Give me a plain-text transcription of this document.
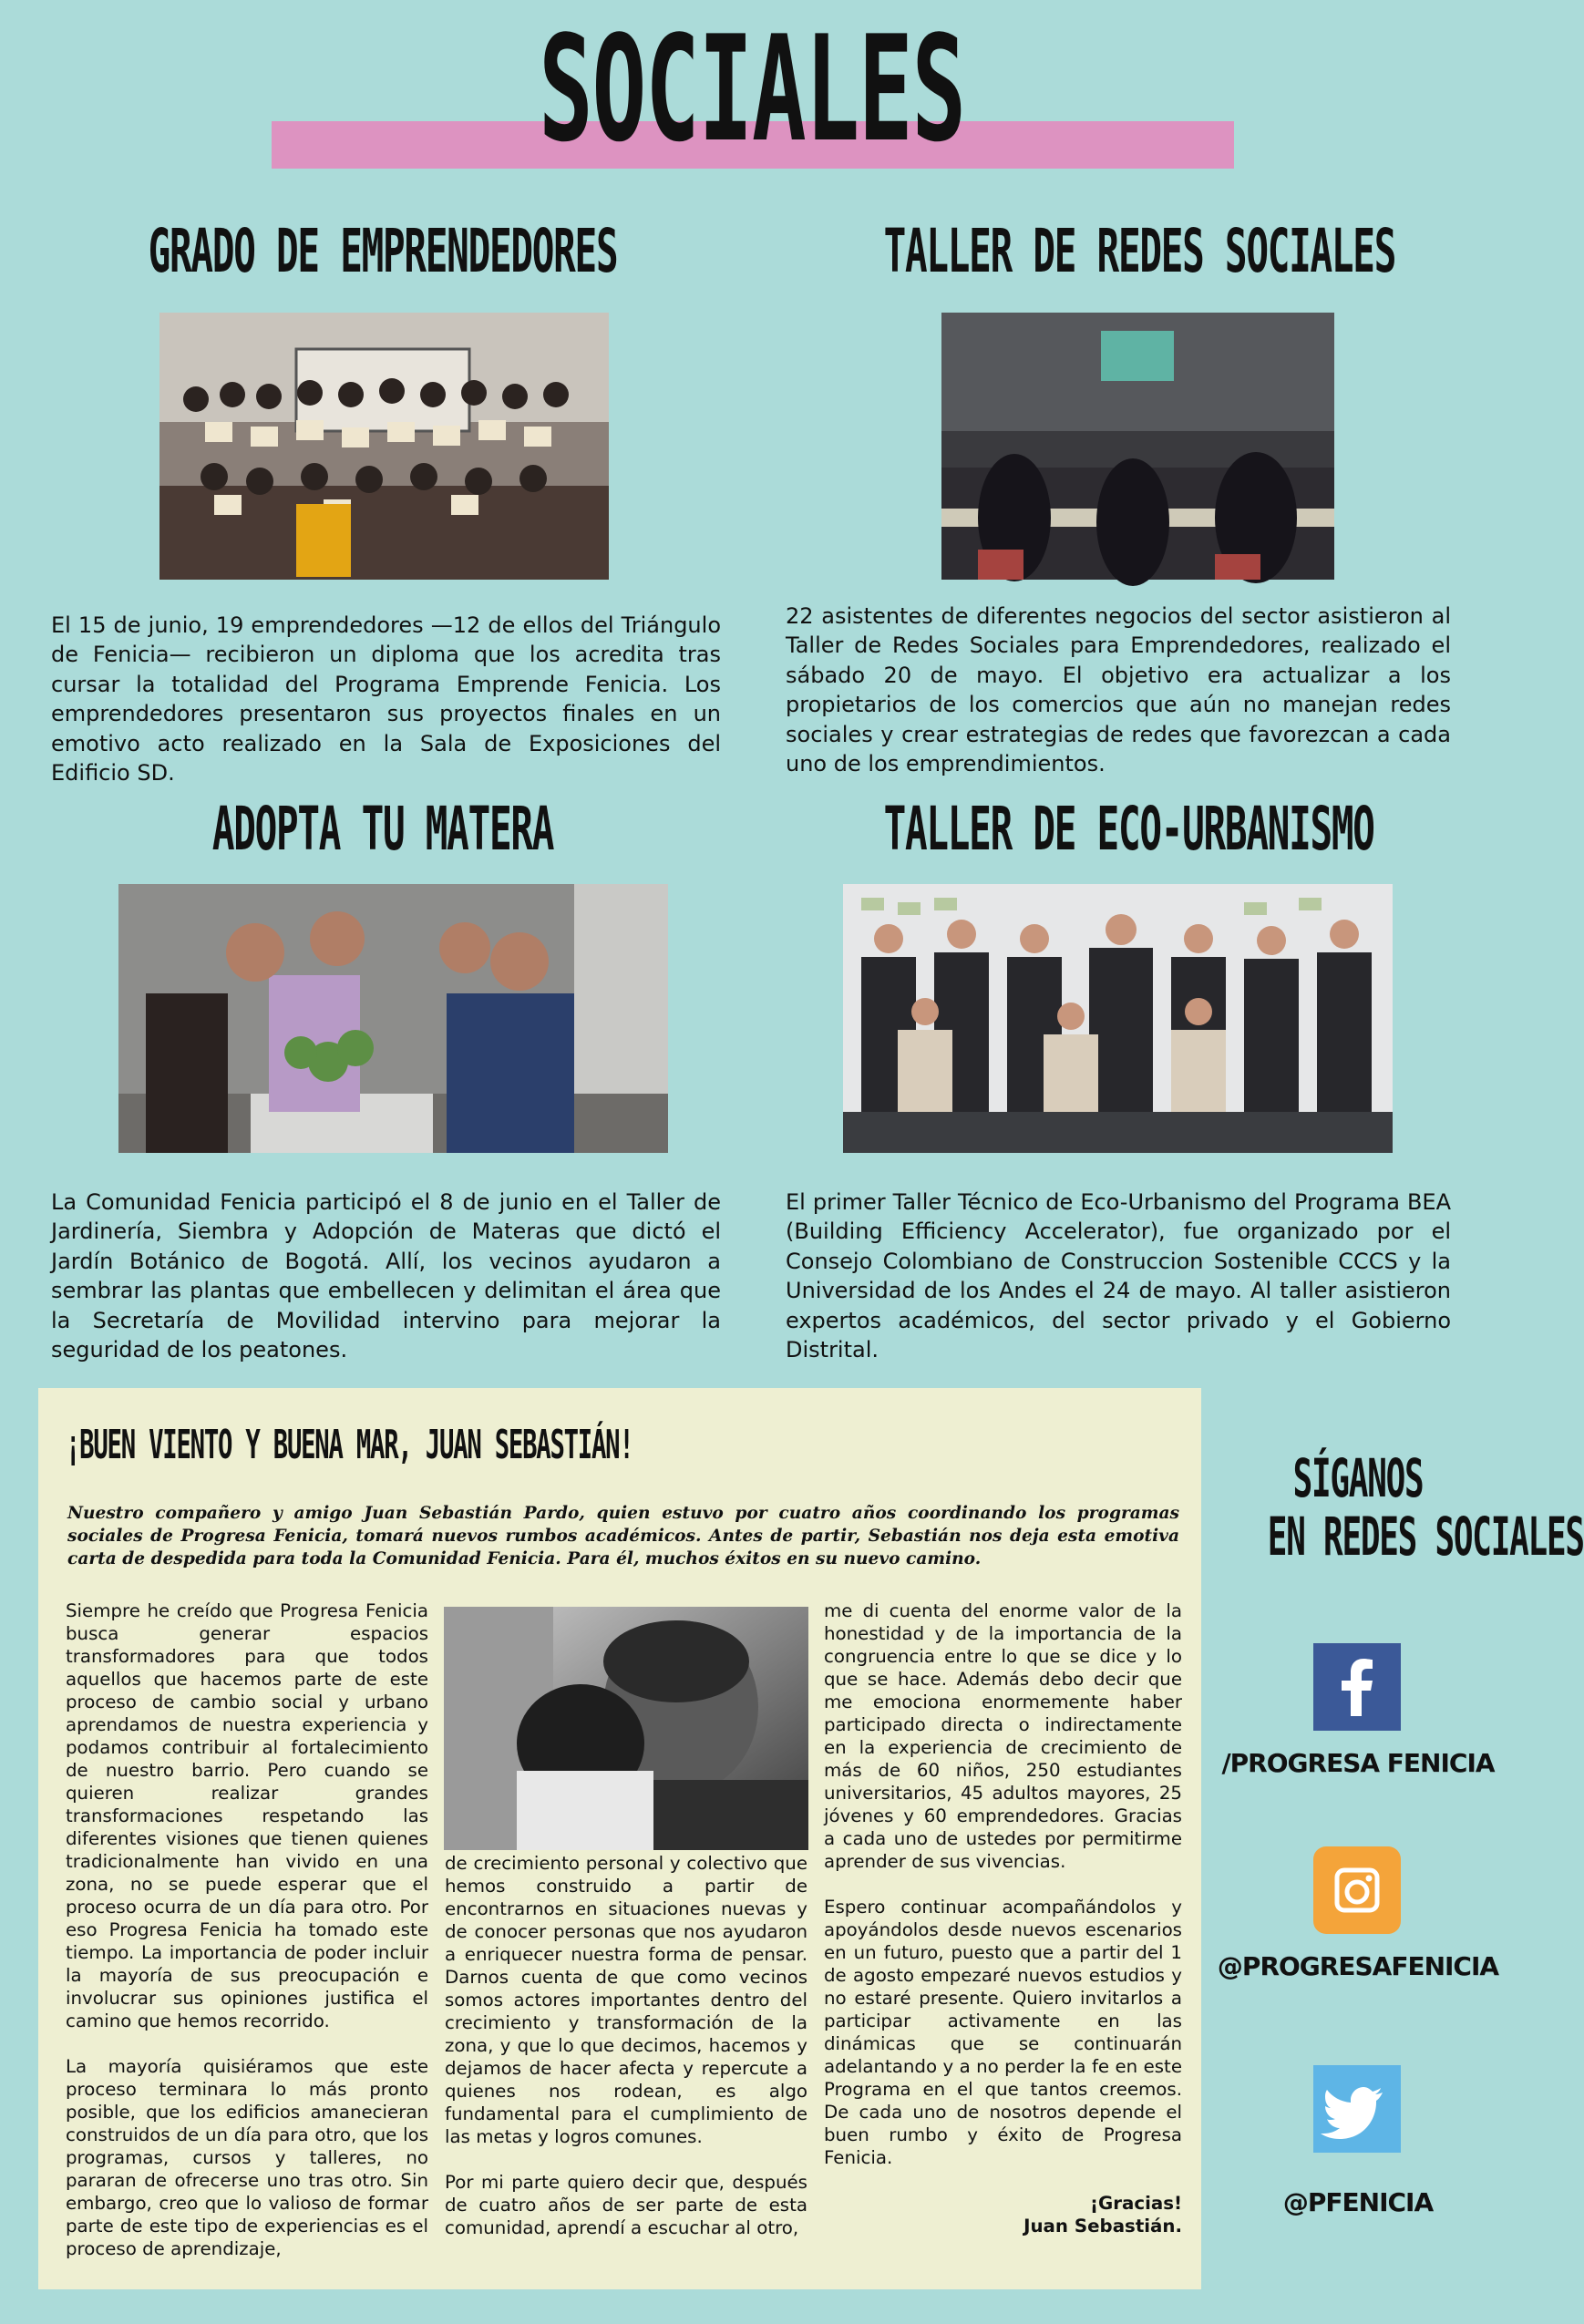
SOCIALES
GRADO DE EMPRENDEDORES
El 15 de junio, 19 emprendedores —12 de ellos del Triángulo de Fenicia— recibieron un diploma que los acredita tras cursar la totalidad del Programa Emprende Fenicia. Los emprendedores presentaron sus proyectos finales en un emotivo acto realizado en la Sala de Exposiciones del Edificio SD.
TALLER DE REDES SOCIALES
22 asistentes de diferentes negocios del sector asistieron al Taller de Redes Sociales para Emprendedores, realizado el sábado 20 de mayo. El objetivo era actualizar a los propietarios de los comercios que aún no manejan redes sociales y crear estrategias de redes que favorezcan a cada uno de los emprendimientos.
ADOPTA TU MATERA
La Comunidad Fenicia participó el 8 de junio en el Taller de Jardinería, Siembra y Adopción de Materas que dictó el Jardín Botánico de Bogotá. Allí, los vecinos ayudaron a sembrar las plantas que embellecen y delimitan el área que la Secretaría de Movilidad intervino para mejorar la seguridad de los peatones.
TALLER DE ECO-URBANISMO
El primer Taller Técnico de Eco-Urbanismo del Programa BEA (Building Efficiency Accelerator), fue organizado por el Consejo Colombiano de Construccion Sostenible CCCS y la Universidad de los Andes el 24 de mayo. Al taller asistieron expertos académicos, del sector privado y el Gobierno Distrital.
¡BUEN VIENTO Y BUENA MAR, JUAN SEBASTIÁN!
Nuestro compañero y amigo Juan Sebastián Pardo, quien estuvo por cuatro años coordinando los programas sociales de Progresa Fenicia, tomará nuevos rumbos académicos. Antes de partir, Sebastián nos deja esta emotiva carta de despedida para toda la Comunidad Fenicia. Para él, muchos éxitos en su nuevo camino.

Siempre he creído que Progresa Fenicia busca generar espacios transformadores para que todos aquellos que hacemos parte de este proceso de cambio social y urbano aprendamos de nuestra experiencia y podamos contribuir al fortalecimiento de nuestro barrio. Pero cuando se quieren realizar grandes transformaciones respetando las diferentes visiones que tienen quienes tradicionalmente han vivido en una zona, no se puede esperar que el proceso ocurra de un día para otro. Por eso Progresa Fenicia ha tomado este tiempo. La importancia de poder incluir la mayoría de sus preocupación e involucrar sus opiniones justifica el camino que hemos recorrido.

La mayoría quisiéramos que este proceso terminara lo más pronto posible, que los edificios amanecieran construidos de un día para otro, que los programas, cursos y talleres, no pararan de ofrecerse uno tras otro. Sin embargo, creo que lo valioso de formar parte de este tipo de experiencias es el proceso de aprendizaje,

de crecimiento personal y colectivo que hemos construido a partir de encontrarnos en situaciones nuevas y de conocer personas que nos ayudaron a enriquecer nuestra forma de pensar. Darnos cuenta de que como vecinos somos actores importantes dentro del crecimiento y transformación de la zona, y que lo que decimos, hacemos y dejamos de hacer afecta y repercute a quienes nos rodean, es algo fundamental para el cumplimiento de las metas y logros comunes.

Por mi parte quiero decir que, después de cuatro años de ser parte de esta comunidad, aprendí a escuchar al otro,

me di cuenta del enorme valor de la honestidad y de la importancia de la congruencia entre lo que se dice y lo que se hace. Además debo decir que me emociona enormemente haber participado directa o indirectamente en la experiencia de crecimiento de más de 60 niños, 250 estudiantes universitarios, 45 adultos mayores, 25 jóvenes y 60 emprendedores. Gracias a cada uno de ustedes por permitirme aprender de sus vivencias.

Espero continuar acompañándolos y apoyándolos desde nuevos escenarios en un futuro, puesto que a partir del 1 de agosto empezaré nuevos estudios y no estaré presente. Quiero invitarlos a participar activamente en las dinámicas que se continuarán adelantando y a no perder la fe en este Programa en el que tantos creemos. De cada uno de nosotros depende el buen rumbo y éxito de Progresa Fenicia.

¡Gracias!
Juan Sebastián.
SÍGANOS
EN REDES SOCIALES
/PROGRESA FENICIA
@PROGRESAFENICIA
@PFENICIA
